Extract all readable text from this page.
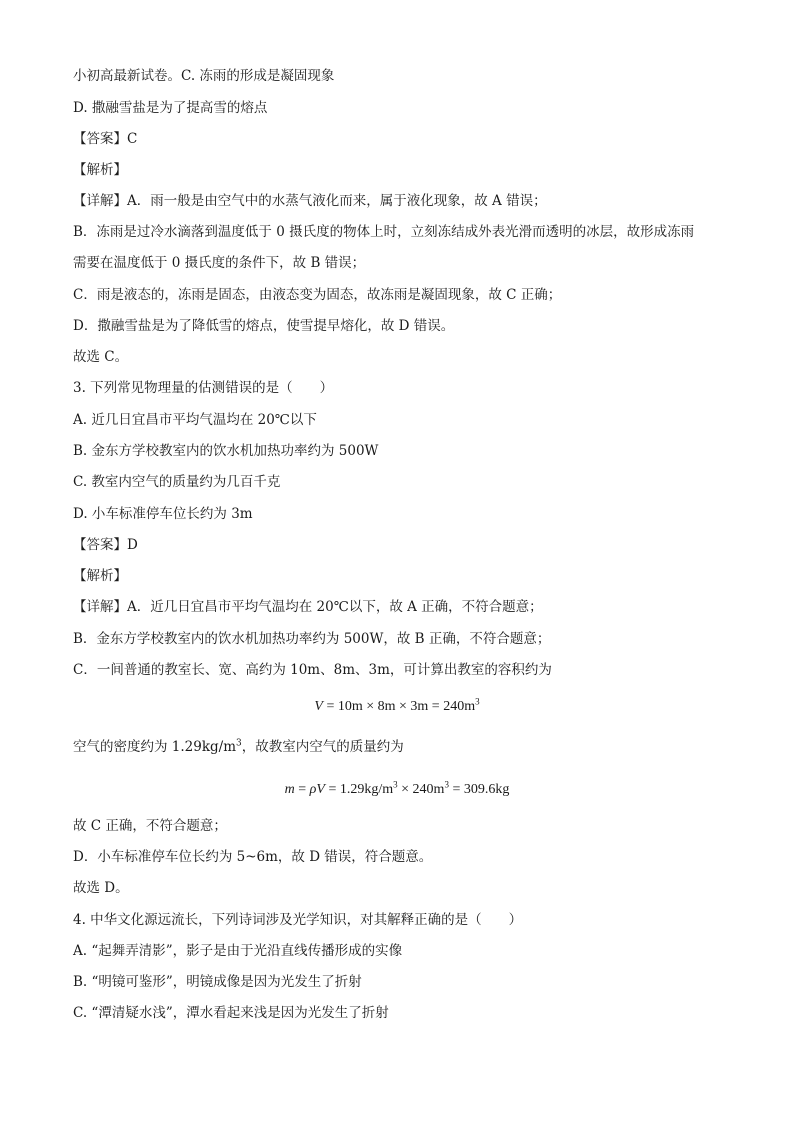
小初高最新试卷。C. 冻雨的形成是凝固现象
D. 撒融雪盐是为了提高雪的熔点
【答案】C
【解析】
【详解】A．雨一般是由空气中的水蒸气液化而来，属于液化现象，故 A 错误；
B．冻雨是过冷水滴落到温度低于 0 摄氏度的物体上时，立刻冻结成外表光滑而透明的冰层，故形成冻雨
需要在温度低于 0 摄氏度的条件下，故 B 错误；
C．雨是液态的，冻雨是固态，由液态变为固态，故冻雨是凝固现象，故 C 正确；
D．撒融雪盐是为了降低雪的熔点，使雪提早熔化，故 D 错误。
故选 C。
3. 下列常见物理量的估测错误的是（　　）
A. 近几日宜昌市平均气温均在 20℃以下
B. 金东方学校教室内的饮水机加热功率约为 500W
C. 教室内空气的质量约为几百千克
D. 小车标准停车位长约为 3m
【答案】D
【解析】
【详解】A．近几日宜昌市平均气温均在 20℃以下，故 A 正确，不符合题意；
B．金东方学校教室内的饮水机加热功率约为 500W，故 B 正确，不符合题意；
C．一间普通的教室长、宽、高约为 10m、8m、3m，可计算出教室的容积约为
$V = 10m \times 8m \times 3m = 240m^3$
空气的密度约为 $1.29kg/m^3$，故教室内空气的质量约为
$m = \rho V = 1.29kg/m^3 \times 240m^3 = 309.6kg$
故 C 正确，不符合题意；
D．小车标准停车位长约为 5~6m，故 D 错误，符合题意。
故选 D。
4. 中华文化源远流长，下列诗词涉及光学知识，对其解释正确的是（　　）
A. “起舞弄清影”，影子是由于光沿直线传播形成的实像
B. “明镜可鉴形”，明镜成像是因为光发生了折射
C. “潭清疑水浅”，潭水看起来浅是因为光发生了折射
